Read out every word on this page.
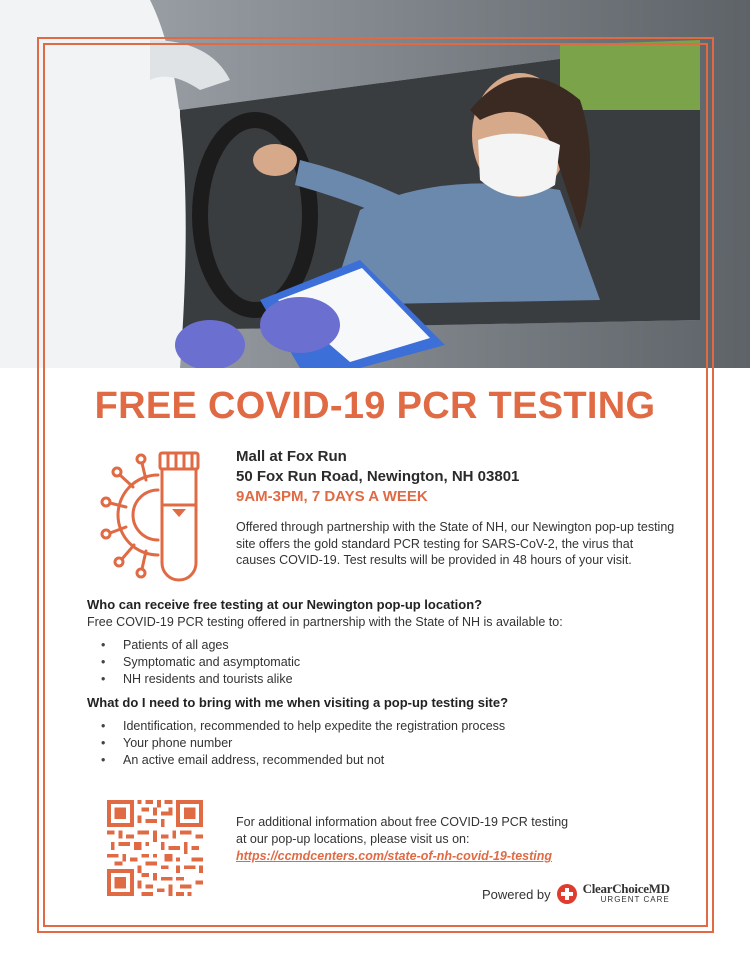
FREE COVID-19 PCR TESTING
Mall at Fox Run
50 Fox Run Road, Newington, NH 03801
9AM-3PM, 7 DAYS A WEEK
Offered through partnership with the State of NH, our Newington pop-up testing site offers the gold standard PCR testing for SARS-CoV-2, the virus that causes COVID-19. Test results will be provided in 48 hours of your visit.
Who can receive free testing at our Newington pop-up location?
Free COVID-19 PCR testing offered in partnership with the State of NH is available to:
• Patients of all ages
• Symptomatic and asymptomatic
• NH residents and tourists alike
What do I need to bring with me when visiting a pop-up testing site?
• Identification, recommended to help expedite the registration process
• Your phone number
• An active email address, recommended but not
For additional information about free COVID-19 PCR testing
at our pop-up locations, please visit us on:
https://ccmdcenters.com/state-of-nh-covid-19-testing
Powered by ClearChoiceMD
URGENT CARE
